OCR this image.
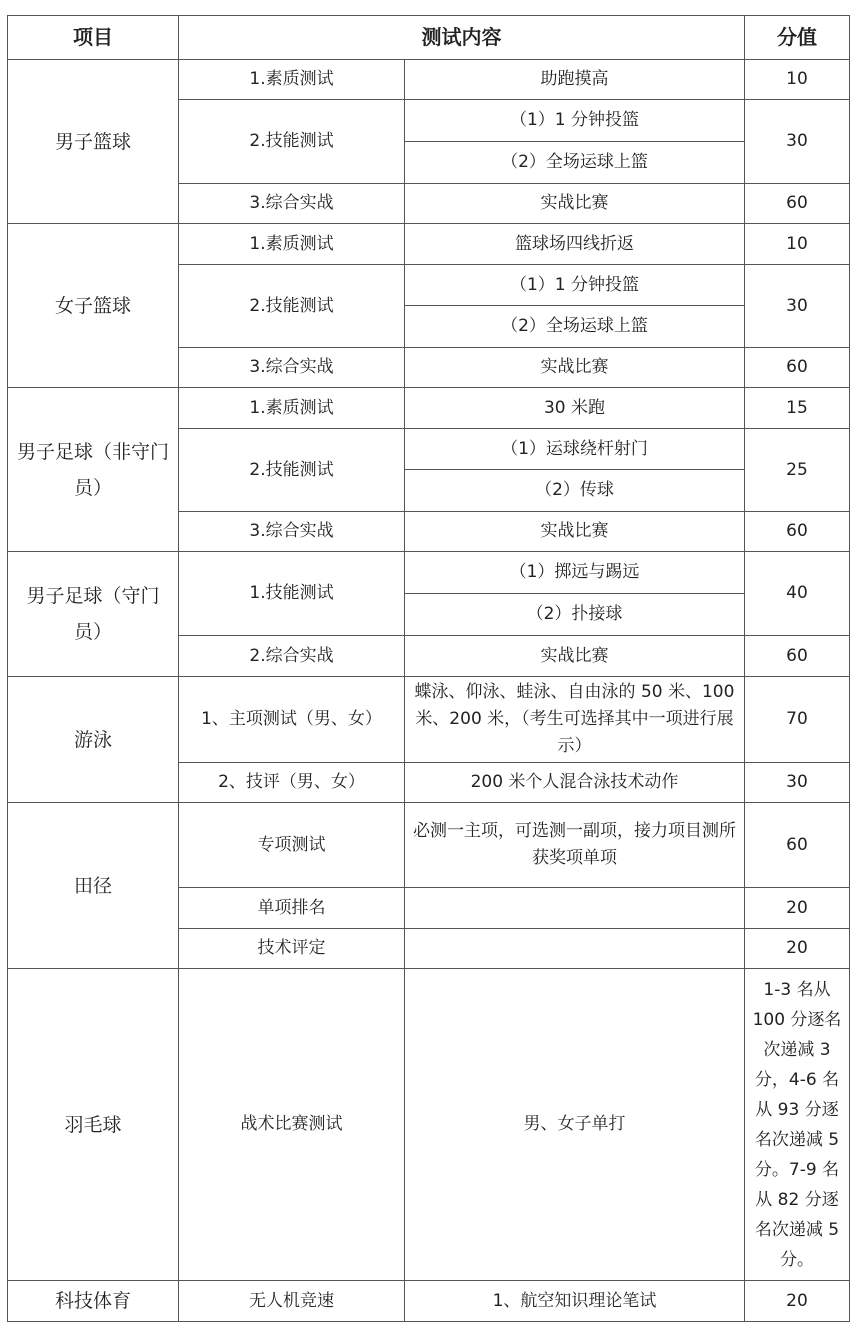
项目	测试内容		分值
男子篮球	1.素质测试	助跑摸高	10
	2.技能测试	（1）1 分钟投篮	30
		（2）全场运球上篮	
	3.综合实战	实战比赛	60
女子篮球	1.素质测试	篮球场四线折返	10
	2.技能测试	（1）1 分钟投篮	30
		（2）全场运球上篮	
	3.综合实战	实战比赛	60
男子足球（非守门员）	1.素质测试	30 米跑	15
	2.技能测试	（1）运球绕杆射门	25
		（2）传球	
	3.综合实战	实战比赛	60
男子足球（守门员）	1.技能测试	（1）掷远与踢远	40
		（2）扑接球	
	2.综合实战	实战比赛	60
游泳	1、主项测试（男、女）	蝶泳、仰泳、蛙泳、自由泳的 50 米、100 米、200 米，（考生可选择其中一项进行展示）	70
	2、技评（男、女）	200 米个人混合泳技术动作	30
田径	专项测试	必测一主项，可选测一副项，接力项目测所获奖项单项	60
	单项排名		20
	技术评定		20
羽毛球	战术比赛测试	男、女子单打	1-3 名从 100 分逐名次递减 3 分，4-6 名从 93 分逐名次递减 5 分。7-9 名从 82 分逐名次递减 5 分。
科技体育	无人机竞速	1、航空知识理论笔试	20
